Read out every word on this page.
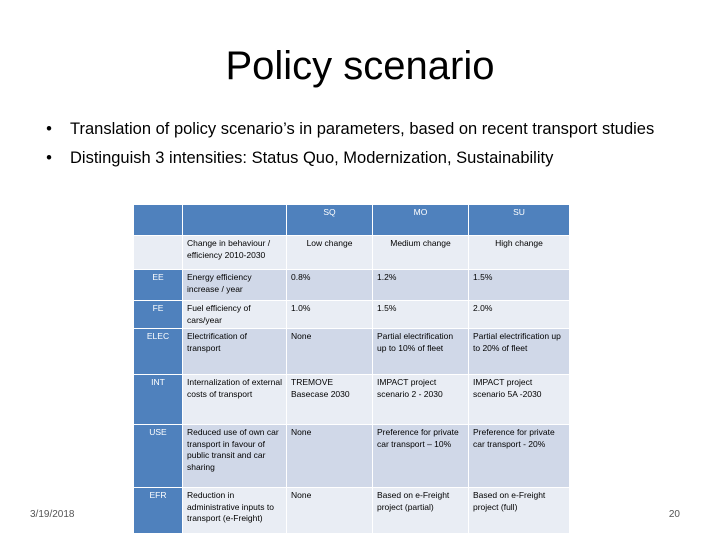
Policy scenario
•	Translation of policy scenario’s in parameters, based on recent transport studies
•	Distinguish 3 intensities: Status Quo, Modernization, Sustainability
		SQ	MO	SU
	Change in behaviour / efficiency 2010-2030	Low change	Medium change	High change
EE	Energy efficiency increase / year	0.8%	1.2%	1.5%
FE	Fuel efficiency of cars/year	1.0%	1.5%	2.0%
ELEC	Electrification of transport	None	Partial electrification up to 10% of fleet	Partial electrification up to 20% of fleet
INT	Internalization of external costs of transport	TREMOVE Basecase 2030	IMPACT project scenario 2 - 2030	IMPACT project scenario 5A -2030
USE	Reduced use of own car transport in favour of public transit and car sharing	None	Preference for private car transport – 10%	Preference for private car transport - 20%
EFR	Reduction in administrative inputs to transport (e-Freight)	None	Based on e-Freight project (partial)	Based on e-Freight project (full)
3/19/2018	20
